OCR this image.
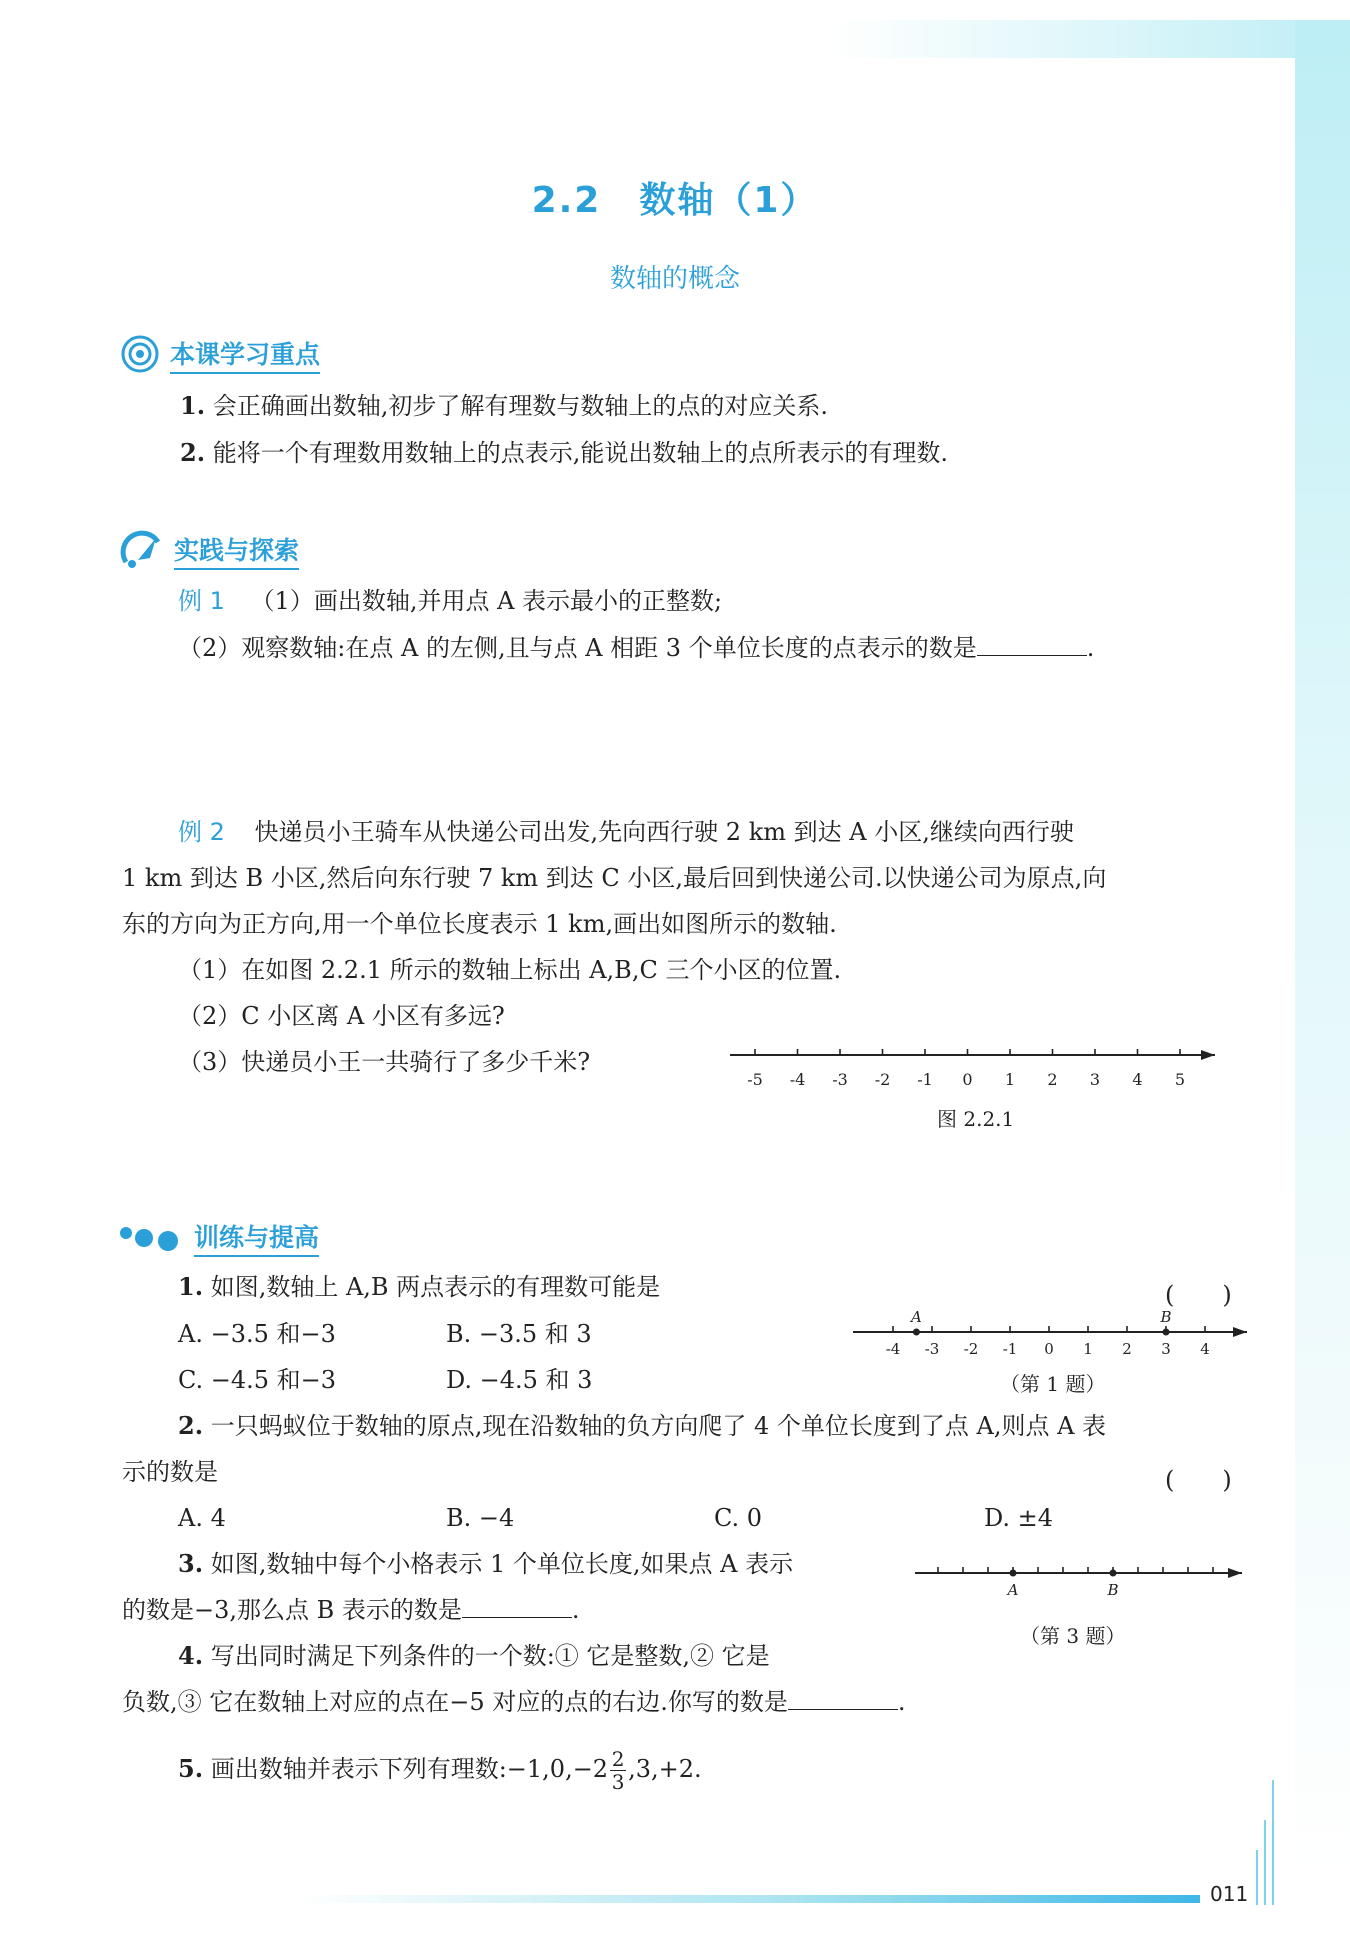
2.2　数轴（1）
数轴的概念
本课学习重点
1. 会正确画出数轴,初步了解有理数与数轴上的点的对应关系.
2. 能将一个有理数用数轴上的点表示,能说出数轴上的点所表示的有理数.
实践与探索
例 1 （1）画出数轴,并用点 A 表示最小的正整数;
（2）观察数轴:在点 A 的左侧,且与点 A 相距 3 个单位长度的点表示的数是	.
例 2 快递员小王骑车从快递公司出发,先向西行驶 2 km 到达 A 小区,继续向西行驶
1 km 到达 B 小区,然后向东行驶 7 km 到达 C 小区,最后回到快递公司.以快递公司为原点,向
东的方向为正方向,用一个单位长度表示 1 km,画出如图所示的数轴.
（1）在如图 2.2.1 所示的数轴上标出 A,B,C 三个小区的位置.
（2）C 小区离 A 小区有多远?
（3）快递员小王一共骑行了多少千米?
-5 -4 -3 -2 -1 0 1 2 3 4 5
图 2.2.1
训练与提高
1. 如图,数轴上 A,B 两点表示的有理数可能是	(　　)
A. −3.5 和−3	B. −3.5 和 3
C. −4.5 和−3	D. −4.5 和 3
-4 -3 -2 -1 0 1 2 3 4
A	B
（第 1 题）
2. 一只蚂蚁位于数轴的原点,现在沿数轴的负方向爬了 4 个单位长度到了点 A,则点 A 表
示的数是	(　　)
A. 4	B. −4	C. 0	D. ±4
3. 如图,数轴中每个小格表示 1 个单位长度,如果点 A 表示
的数是−3,那么点 B 表示的数是	.
A	B
（第 3 题）
4. 写出同时满足下列条件的一个数:① 它是整数,② 它是
负数,③ 它在数轴上对应的点在−5 对应的点的右边.你写的数是	.
5. 画出数轴并表示下列有理数:−1,0,−2 $\frac{2}{3} ,3,+2$.
011
